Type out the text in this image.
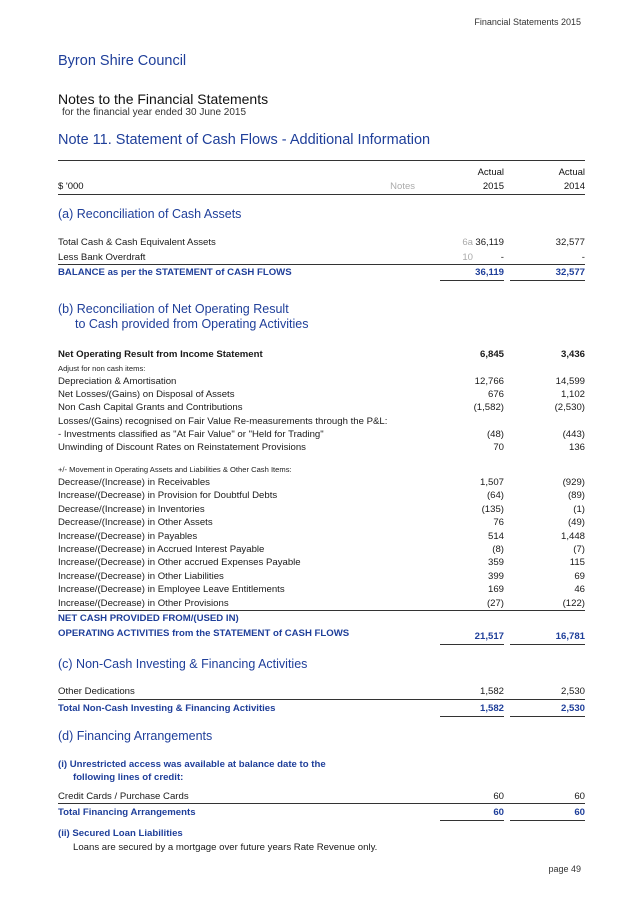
Financial Statements 2015
Byron Shire Council
Notes to the Financial Statements
for the financial year ended 30 June 2015
Note 11. Statement of Cash Flows - Additional Information
Actual	Actual
$ '000	Notes	2015	2014
(a) Reconciliation of Cash Assets
Total Cash & Cash Equivalent Assets	6a 36,119	32,577
Less Bank Overdraft	10	-	-
BALANCE as per the STATEMENT of CASH FLOWS	36,119	32,577
(b) Reconciliation of Net Operating Result
to Cash provided from Operating Activities
Net Operating Result from Income Statement	6,845	3,436
Adjust for non cash items:
Depreciation & Amortisation	12,766	14,599
Net Losses/(Gains) on Disposal of Assets	676	1,102
Non Cash Capital Grants and Contributions	(1,582)	(2,530)
Losses/(Gains) recognised on Fair Value Re-measurements through the P&L:
- Investments classified as "At Fair Value" or "Held for Trading"	(48)	(443)
Unwinding of Discount Rates on Reinstatement Provisions	70	136
+/- Movement in Operating Assets and Liabilities & Other Cash Items:
Decrease/(Increase) in Receivables	1,507	(929)
Increase/(Decrease) in Provision for Doubtful Debts	(64)	(89)
Decrease/(Increase) in Inventories	(135)	(1)
Decrease/(Increase) in Other Assets	76	(49)
Increase/(Decrease) in Payables	514	1,448
Increase/(Decrease) in Accrued Interest Payable	(8)	(7)
Increase/(Decrease) in Other accrued Expenses Payable	359	115
Increase/(Decrease) in Other Liabilities	399	69
Increase/(Decrease) in Employee Leave Entitlements	169	46
Increase/(Decrease) in Other Provisions	(27)	(122)
NET CASH PROVIDED FROM/(USED IN)
OPERATING ACTIVITIES from the STATEMENT of CASH FLOWS	21,517	16,781
(c) Non-Cash Investing & Financing Activities
Other Dedications	1,582	2,530
Total Non-Cash Investing & Financing Activities	1,582	2,530
(d) Financing Arrangements
(i) Unrestricted access was available at balance date to the
following lines of credit:
Credit Cards / Purchase Cards	60	60
Total Financing Arrangements	60	60
(ii) Secured Loan Liabilities
Loans are secured by a mortgage over future years Rate Revenue only.
page 49
